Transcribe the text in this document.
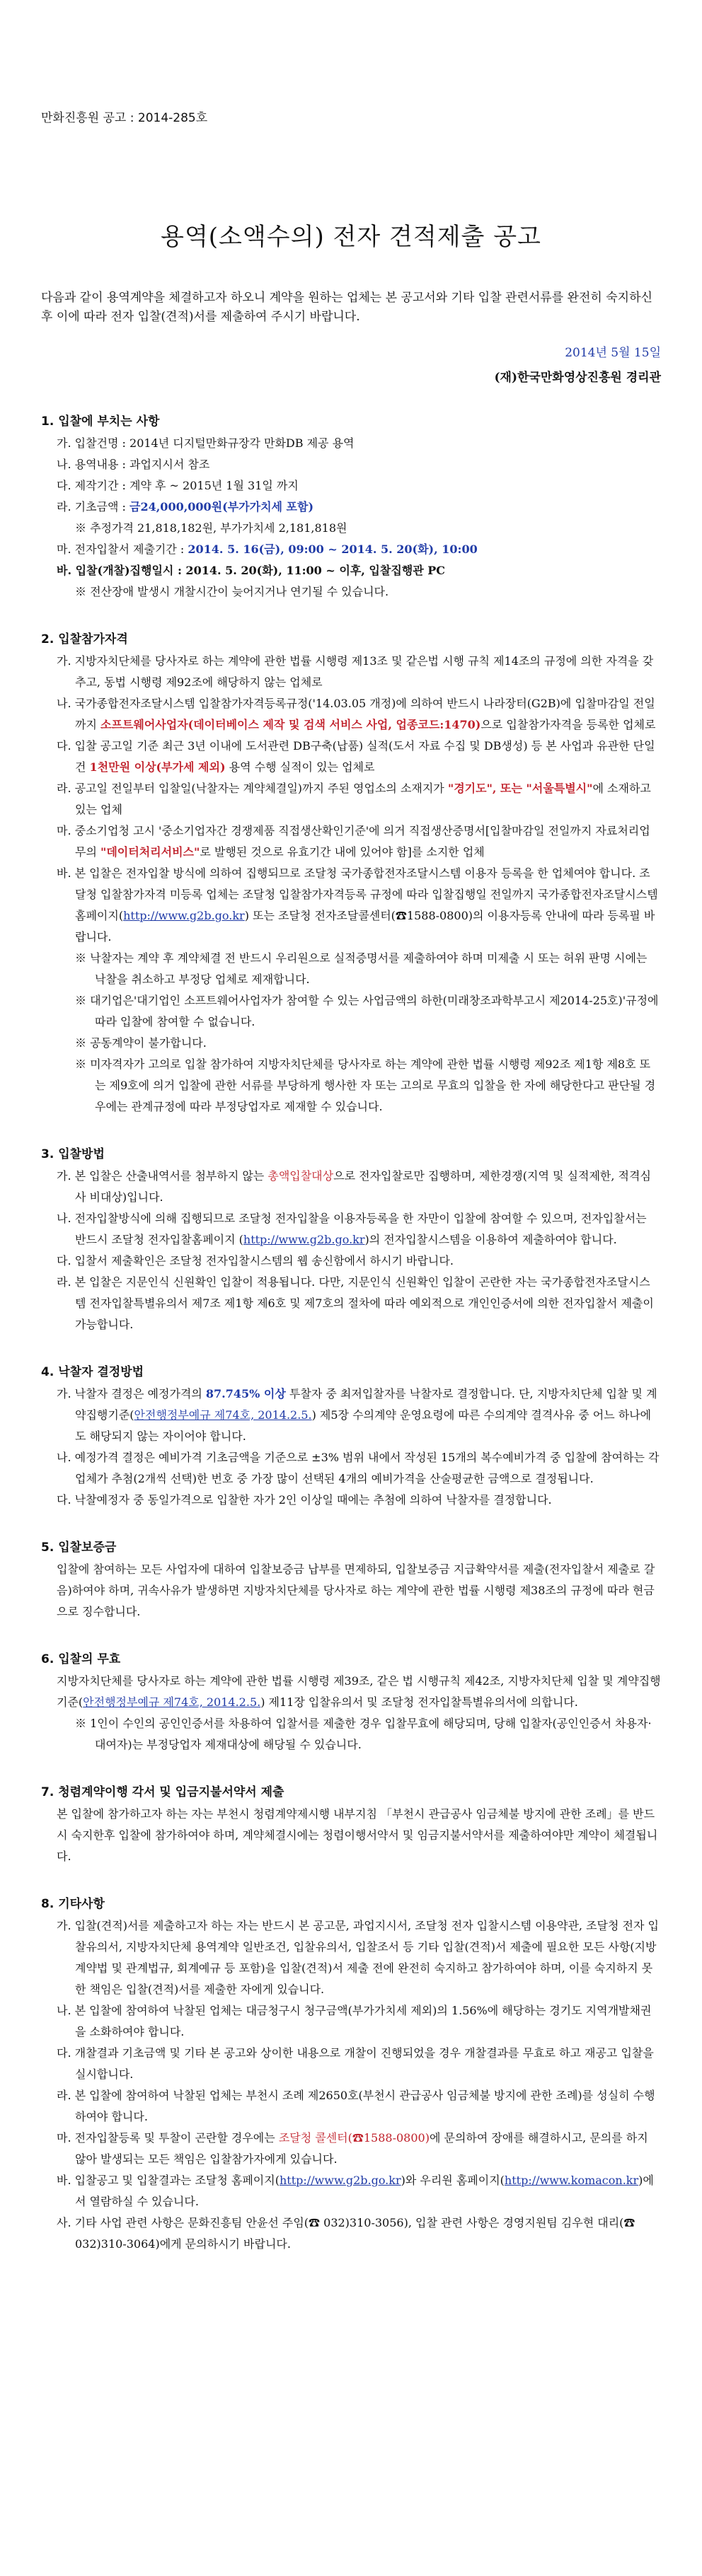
만화진흥원 공고 : 2014-285호
용역(소액수의) 전자 견적제출 공고
다음과 같이 용역계약을 체결하고자 하오니 계약을 원하는 업체는 본 공고서와 기타 입찰 관련서류를 완전히 숙지하신 후 이에 따라 전자 입찰(견적)서를 제출하여 주시기 바랍니다.
2014년 5월 15일
(재)한국만화영상진흥원 경리관
1. 입찰에 부치는 사항
가. 입찰건명 : 2014년 디지털만화규장각 만화DB 제공 용역
나. 용역내용 : 과업지시서 참조
다. 제작기간 : 계약 후 ~ 2015년 1월 31일 까지
라. 기초금액 : 금24,000,000원(부가가치세 포함)
※ 추정가격 21,818,182원, 부가가치세 2,181,818원
마. 전자입찰서 제출기간 : 2014. 5. 16(금), 09:00 ~ 2014. 5. 20(화), 10:00
바. 입찰(개찰)집행일시 : 2014. 5. 20(화), 11:00 ~ 이후, 입찰집행관 PC
※ 전산장애 발생시 개찰시간이 늦어지거나 연기될 수 있습니다.
2. 입찰참가자격
가. 지방자치단체를 당사자로 하는 계약에 관한 법률 시행령 제13조 및 같은법 시행 규칙 제14조의 규정에 의한 자격을 갖추고, 동법 시행령 제92조에 해당하지 않는 업체로
나. 국가종합전자조달시스템 입찰참가자격등록규정('14.03.05 개정)에 의하여 반드시 나라장터(G2B)에 입찰마감일 전일까지 소프트웨어사업자(데이터베이스 제작 및 검색 서비스 사업, 업종코드:1470)으로 입찰참가자격을 등록한 업체로
다. 입찰 공고일 기준 최근 3년 이내에 도서관련 DB구축(납품) 실적(도서 자료 수집 및 DB생성) 등 본 사업과 유관한 단일건 1천만원 이상(부가세 제외) 용역 수행 실적이 있는 업체로
라. 공고일 전일부터 입찰일(낙찰자는 계약체결일)까지 주된 영업소의 소재지가 "경기도", 또는 "서울특별시"에 소재하고 있는 업체
마. 중소기업청 고시 '중소기업자간 경쟁제품 직접생산확인기준'에 의거 직접생산증명서[입찰마감일 전일까지 자료처리업무의 "데이터처리서비스"로 발행된 것으로 유효기간 내에 있어야 함]를 소지한 업체
바. 본 입찰은 전자입찰 방식에 의하여 집행되므로 조달청 국가종합전자조달시스템 이용자 등록을 한 업체여야 합니다. 조달청 입찰참가자격 미등록 업체는 조달청 입찰참가자격등록 규정에 따라 입찰집행일 전일까지 국가종합전자조달시스템 홈페이지(http://www.g2b.go.kr) 또는 조달청 전자조달콜센터(☎1588-0800)의 이용자등록 안내에 따라 등록필 바랍니다.
※ 낙찰자는 계약 후 계약체결 전 반드시 우리원으로 실적증명서를 제출하여야 하며 미제출 시 또는 허위 판명 시에는 낙찰을 취소하고 부정당 업체로 제재합니다.
※ 대기업은'대기업인 소프트웨어사업자가 참여할 수 있는 사업금액의 하한(미래창조과학부고시 제2014-25호)'규정에 따라 입찰에 참여할 수 없습니다.
※ 공동계약이 불가합니다.
※ 미자격자가 고의로 입찰 참가하여 지방자치단체를 당사자로 하는 계약에 관한 법률 시행령 제92조 제1항 제8호 또는 제9호에 의거 입찰에 관한 서류를 부당하게 행사한 자 또는 고의로 무효의 입찰을 한 자에 해당한다고 판단될 경우에는 관계규정에 따라 부정당업자로 제재할 수 있습니다.
3. 입찰방법
가. 본 입찰은 산출내역서를 첨부하지 않는 총액입찰대상으로 전자입찰로만 집행하며, 제한경쟁(지역 및 실적제한, 적격심사 비대상)입니다.
나. 전자입찰방식에 의해 집행되므로 조달청 전자입찰을 이용자등록을 한 자만이 입찰에 참여할 수 있으며, 전자입찰서는 반드시 조달청 전자입찰홈페이지 (http://www.g2b.go.kr)의 전자입찰시스템을 이용하여 제출하여야 합니다.
다. 입찰서 제출확인은 조달청 전자입찰시스템의 웹 송신함에서 하시기 바랍니다.
라. 본 입찰은 지문인식 신원확인 입찰이 적용됩니다. 다만, 지문인식 신원확인 입찰이 곤란한 자는 국가종합전자조달시스템 전자입찰특별유의서 제7조 제1항 제6호 및 제7호의 절차에 따라 예외적으로 개인인증서에 의한 전자입찰서 제출이 가능합니다.
4. 낙찰자 결정방법
가. 낙찰자 결정은 예정가격의 87.745% 이상 투찰자 중 최저입찰자를 낙찰자로 결정합니다. 단, 지방자치단체 입찰 및 계약집행기준(안전행정부예규 제74호, 2014.2.5.) 제5장 수의계약 운영요령에 따른 수의계약 결격사유 중 어느 하나에도 해당되지 않는 자이어야 합니다.
나. 예정가격 결정은 예비가격 기초금액을 기준으로 ±3% 범위 내에서 작성된 15개의 복수예비가격 중 입찰에 참여하는 각 업체가 추첨(2개씩 선택)한 번호 중 가장 많이 선택된 4개의 예비가격을 산술평균한 금액으로 결정됩니다.
다. 낙찰예정자 중 동일가격으로 입찰한 자가 2인 이상일 때에는 추첨에 의하여 낙찰자를 결정합니다.
5. 입찰보증금
입찰에 참여하는 모든 사업자에 대하여 입찰보증금 납부를 면제하되, 입찰보증금 지급확약서를 제출(전자입찰서 제출로 갈음)하여야 하며, 귀속사유가 발생하면 지방자치단체를 당사자로 하는 계약에 관한 법률 시행령 제38조의 규정에 따라 현금으로 징수합니다.
6. 입찰의 무효
지방자치단체를 당사자로 하는 계약에 관한 법률 시행령 제39조, 같은 법 시행규칙 제42조, 지방자치단체 입찰 및 계약집행기준(안전행정부예규 제74호, 2014.2.5.) 제11장 입찰유의서 및 조달청 전자입찰특별유의서에 의합니다.
※ 1인이 수인의 공인인증서를 차용하여 입찰서를 제출한 경우 입찰무효에 해당되며, 당해 입찰자(공인인증서 차용자·대여자)는 부정당업자 제재대상에 해당될 수 있습니다.
7. 청렴계약이행 각서 및 입금지불서약서 제출
본 입찰에 참가하고자 하는 자는 부천시 청렴계약제시행 내부지침 「부천시 관급공사 임금체불 방지에 관한 조례」를 반드시 숙지한후 입찰에 참가하여야 하며, 계약체결시에는 청렴이행서약서 및 임금지불서약서를 제출하여야만 계약이 체결됩니다.
8. 기타사항
가. 입찰(견적)서를 제출하고자 하는 자는 반드시 본 공고문, 과업지시서, 조달청 전자 입찰시스템 이용약관, 조달청 전자 입찰유의서, 지방자치단체 용역계약 일반조건, 입찰유의서, 입찰조서 등 기타 입찰(견적)서 제출에 필요한 모든 사항(지방계약법 및 관계법규, 회계예규 등 포함)을 입찰(견적)서 제출 전에 완전히 숙지하고 참가하여야 하며, 이를 숙지하지 못한 책임은 입찰(견적)서를 제출한 자에게 있습니다.
나. 본 입찰에 참여하여 낙찰된 업체는 대금청구시 청구금액(부가가치세 제외)의 1.56%에 해당하는 경기도 지역개발채권을 소화하여야 합니다.
다. 개찰결과 기초금액 및 기타 본 공고와 상이한 내용으로 개찰이 진행되었을 경우 개찰결과를 무효로 하고 재공고 입찰을 실시합니다.
라. 본 입찰에 참여하여 낙찰된 업체는 부천시 조례 제2650호(부천시 관급공사 임금체불 방지에 관한 조례)를 성실히 수행하여야 합니다.
마. 전자입찰등록 및 투찰이 곤란할 경우에는 조달청 콜센터(☎1588-0800)에 문의하여 장애를 해결하시고, 문의를 하지 않아 발생되는 모든 책임은 입찰참가자에게 있습니다.
바. 입찰공고 및 입찰결과는 조달청 홈페이지(http://www.g2b.go.kr)와 우리원 홈페이지(http://www.komacon.kr)에서 열람하실 수 있습니다.
사. 기타 사업 관련 사항은 문화진흥팀 안윤선 주임(☎ 032)310-3056), 입찰 관련 사항은 경영지원팀 김우현 대리(☎ 032)310-3064)에게 문의하시기 바랍니다.
